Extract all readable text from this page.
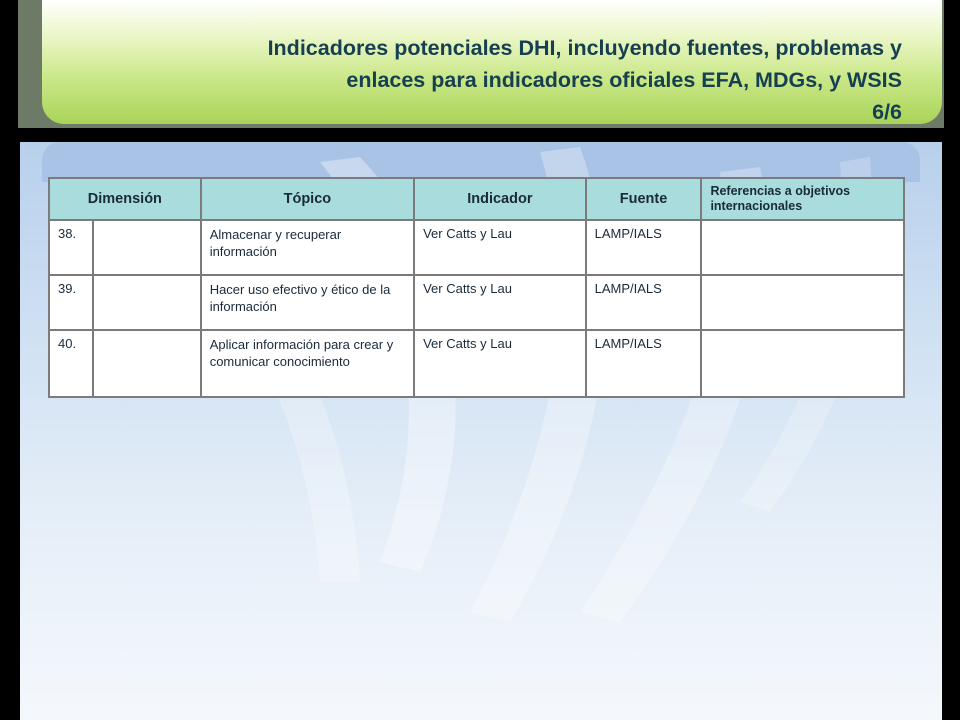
Indicadores potenciales DHI, incluyendo fuentes, problemas y
enlaces para indicadores oficiales EFA, MDGs, y WSIS
6/6
Dimensión		Tópico	Indicador	Fuente	Referencias a objetivos internacionales
38.		Almacenar y recuperar información	Ver Catts y Lau	LAMP/IALS	
39.		Hacer uso efectivo y ético de la información	Ver Catts y Lau	LAMP/IALS	
40.		Aplicar información para crear y comunicar conocimiento	Ver Catts y Lau	LAMP/IALS	
